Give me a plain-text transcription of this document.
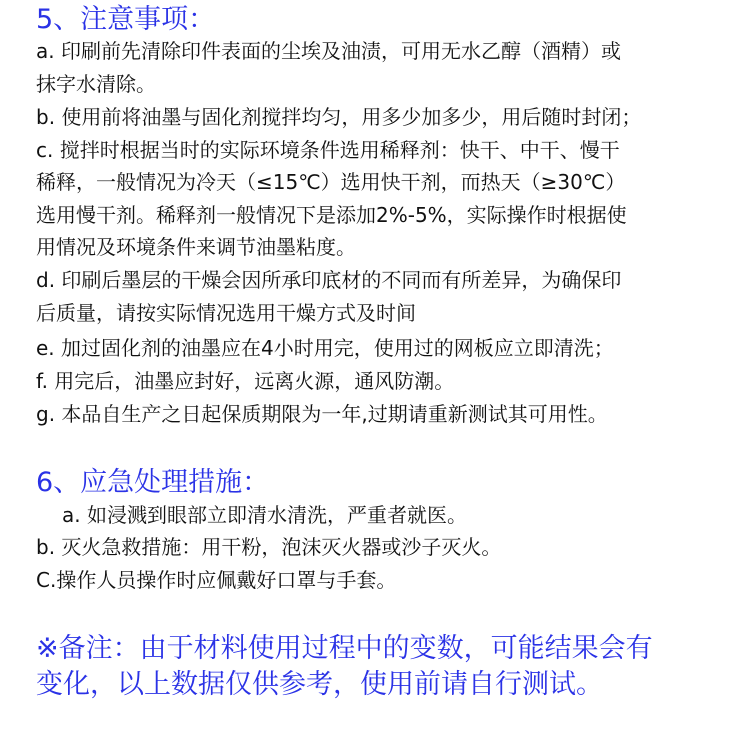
5、注意事项：
a. 印刷前先清除印件表面的尘埃及油渍，可用无水乙醇（酒精）或
抹字水清除。
b. 使用前将油墨与固化剂搅拌均匀，用多少加多少，用后随时封闭；
c. 搅拌时根据当时的实际环境条件选用稀释剂：快干、中干、慢干
稀释，一般情况为冷天（≤15℃）选用快干剂，而热天（≥30℃）
选用慢干剂。稀释剂一般情况下是添加2%-5%，实际操作时根据使
用情况及环境条件来调节油墨粘度。
d. 印刷后墨层的干燥会因所承印底材的不同而有所差异，为确保印
后质量，请按实际情况选用干燥方式及时间
e. 加过固化剂的油墨应在4小时用完，使用过的网板应立即清洗；
f. 用完后，油墨应封好，远离火源，通风防潮。
g. 本品自生产之日起保质期限为一年,过期请重新测试其可用性。
6、应急处理措施：
a. 如浸溅到眼部立即清水清洗，严重者就医。
b. 灭火急救措施：用干粉，泡沫灭火器或沙子灭火。
C.操作人员操作时应佩戴好口罩与手套。
※备注：由于材料使用过程中的变数，可能结果会有
变化，以上数据仅供参考，使用前请自行测试。
